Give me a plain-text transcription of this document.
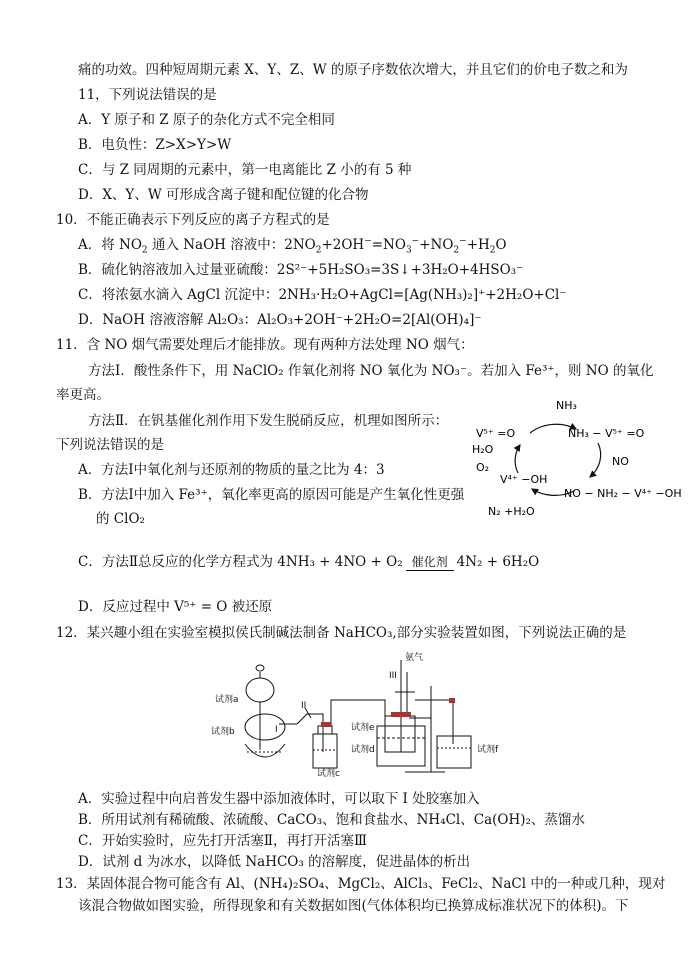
痛的功效。四种短周期元素 X、Y、Z、W 的原子序数依次增大，并且它们的价电子数之和为
11，下列说法错误的是
A．Y 原子和 Z 原子的杂化方式不完全相同
B．电负性：Z>X>Y>W
C．与 Z 同周期的元素中，第一电离能比 Z 小的有 5 种
D．X、Y、W 可形成含离子键和配位键的化合物
10．不能正确表示下列反应的离子方程式的是
A．将 $NO_2$ 通入 NaOH 溶液中：$2NO_2+2OH^-=NO_3^-+NO_2^-+H_2O$
B．硫化钠溶液加入过量亚硫酸：2S²⁻+5H₂SO₃=3S↓+3H₂O+4HSO₃⁻
C．将浓氨水滴入 AgCl 沉淀中：2NH₃·H₂O+AgCl=[Ag(NH₃)₂]⁺+2H₂O+Cl⁻
D．NaOH 溶液溶解 Al₂O₃：Al₂O₃+2OH⁻+2H₂O=2[Al(OH)₄]⁻
11．含 NO 烟气需要处理后才能排放。现有两种方法处理 NO 烟气：
方法Ⅰ．酸性条件下，用 NaClO₂ 作氧化剂将 NO 氧化为 NO₃⁻。若加入 Fe³⁺，则 NO 的氧化
率更高。
方法Ⅱ．在钒基催化剂作用下发生脱硝反应，机理如图所示：
下列说法错误的是
A．方法Ⅰ中氧化剂与还原剂的物质的量之比为 4：3
B．方法Ⅰ中加入 Fe³⁺，氧化率更高的原因可能是产生氧化性更强
的 ClO₂
C．方法Ⅱ总反应的化学方程式为 4NH₃ + 4NO + O₂ 催化剂 4N₂ + 6H₂O
D．反应过程中 V⁵⁺ = O 被还原
NH₃
V⁵⁺ =O	NH₃ − V⁵⁺ =O
H₂O
O₂
V⁴⁺ −OH
NO
NO − NH₂ − V⁴⁺ −OH
N₂ +H₂O
12．某兴趣小组在实验室模拟侯氏制碱法制备 NaHCO₃,部分实验装置如图，下列说法正确的是
氨气
试剂a
试剂b
试剂c
试剂d
试剂e
试剂f
I
II
III
A．实验过程中向启普发生器中添加液体时，可以取下 I 处胶塞加入
B．所用试剂有稀硫酸、浓硫酸、CaCO₃、饱和食盐水、NH₄Cl、Ca(OH)₂、蒸馏水
C．开始实验时，应先打开活塞Ⅱ，再打开活塞Ⅲ
D．试剂 d 为冰水，以降低 NaHCO₃ 的溶解度，促进晶体的析出
13．某固体混合物可能含有 Al、(NH₄)₂SO₄、MgCl₂、AlCl₃、FeCl₂、NaCl 中的一种或几种，现对
该混合物做如图实验，所得现象和有关数据如图(气体体积均已换算成标准状况下的体积)。下
